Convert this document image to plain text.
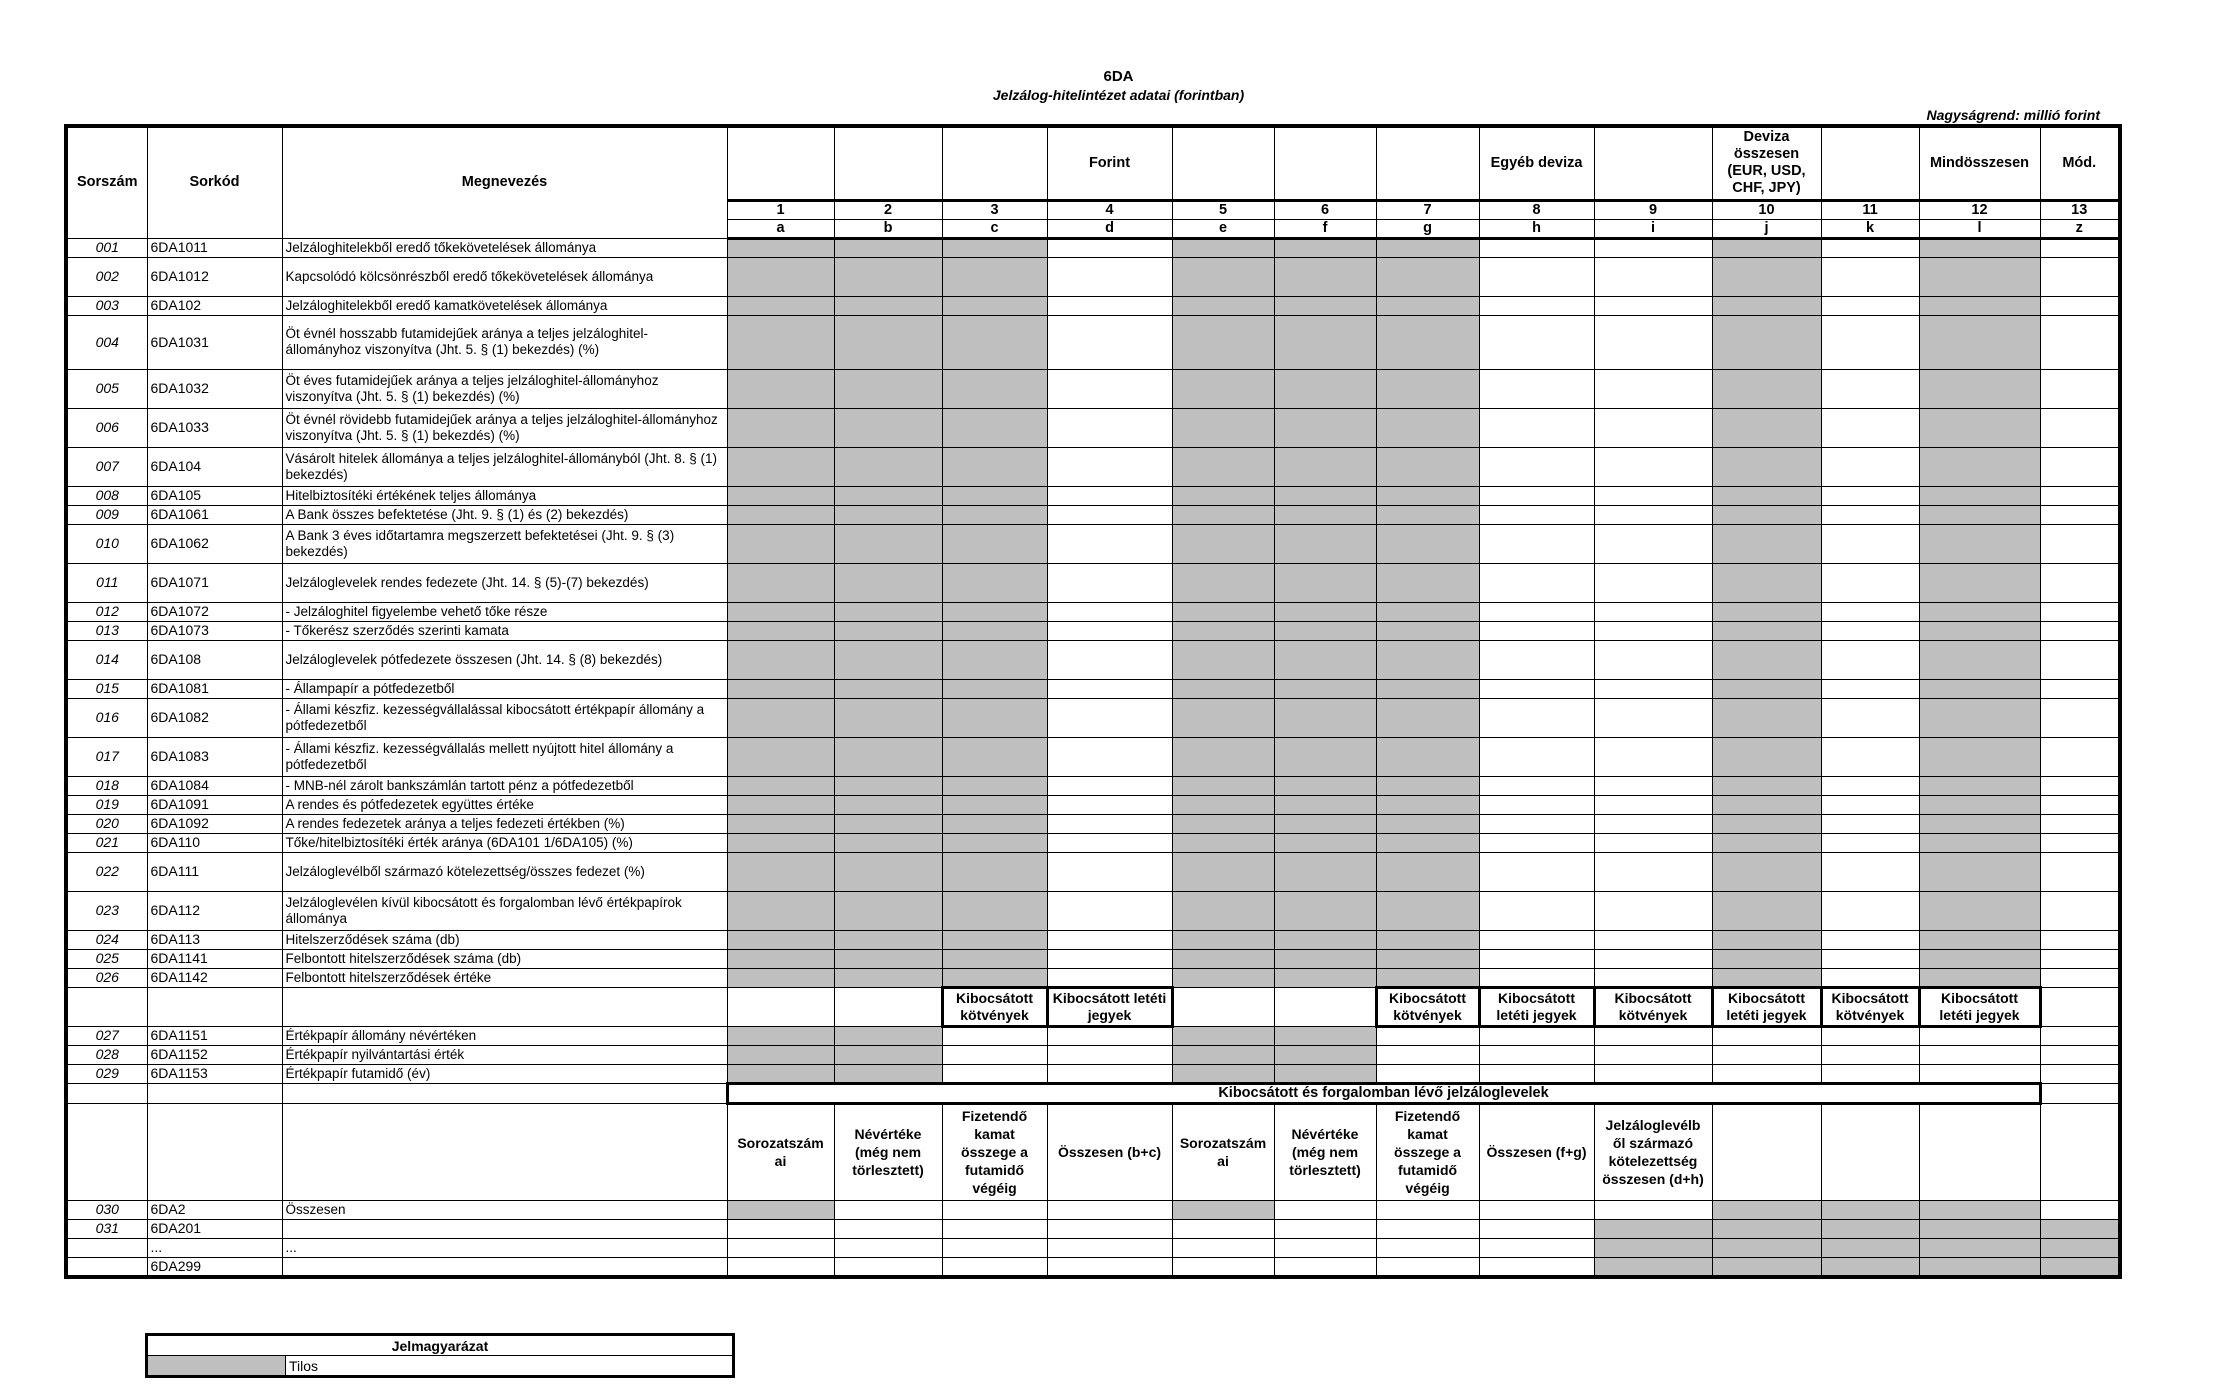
6DA
Jelzálog-hitelintézet adatai (forintban)
Nagyságrend: millió forint
Sorszám	Sorkód	Megnevezés				Forint				Egyéb deviza		Deviza összesen (EUR, USD, CHF, JPY)		Mindösszesen	Mód.
			1	2	3	4	5	6	7	8	9	10	11	12	13
			a	b	c	d	e	f	g	h	i	j	k	l	z
001	6DA1011	Jelzáloghitelekből eredő tőkekövetelések állománya													
002	6DA1012	Kapcsolódó kölcsönrészből eredő tőkekövetelések állománya													
003	6DA102	Jelzáloghitelekből eredő kamatkövetelések állománya													
004	6DA1031	Öt évnél hosszabb futamidejűek aránya a teljes jelzáloghitel-állományhoz viszonyítva (Jht. 5. § (1) bekezdés) (%)													
005	6DA1032	Öt éves futamidejűek aránya a teljes jelzáloghitel-állományhoz viszonyítva (Jht. 5. § (1) bekezdés) (%)													
006	6DA1033	Öt évnél rövidebb futamidejűek aránya a teljes jelzáloghitel-állományhoz viszonyítva (Jht. 5. § (1) bekezdés) (%)													
007	6DA104	Vásárolt hitelek állománya a teljes jelzáloghitel-állományból (Jht. 8. § (1) bekezdés)													
008	6DA105	Hitelbiztosítéki értékének teljes állománya													
009	6DA1061	A Bank összes befektetése (Jht. 9. § (1) és (2) bekezdés)													
010	6DA1062	A Bank 3 éves időtartamra megszerzett befektetései (Jht. 9. § (3) bekezdés)													
011	6DA1071	Jelzáloglevelek rendes fedezete (Jht. 14. § (5)-(7) bekezdés)													
012	6DA1072	- Jelzáloghitel figyelembe vehető tőke része													
013	6DA1073	- Tőkerész szerződés szerinti kamata													
014	6DA108	Jelzáloglevelek pótfedezete összesen (Jht. 14. § (8) bekezdés)													
015	6DA1081	- Állampapír a pótfedezetből													
016	6DA1082	- Állami készfiz. kezességvállalással kibocsátott értékpapír állomány a pótfedezetből													
017	6DA1083	- Állami készfiz. kezességvállalás mellett nyújtott hitel állomány a pótfedezetből													
018	6DA1084	- MNB-nél zárolt bankszámlán tartott pénz a pótfedezetből													
019	6DA1091	A rendes és pótfedezetek együttes értéke													
020	6DA1092	A rendes fedezetek aránya a teljes fedezeti értékben (%)													
021	6DA110	Tőke/hitelbiztosítéki érték aránya (6DA101 1/6DA105) (%)													
022	6DA111	Jelzáloglevélből származó kötelezettség/összes fedezet (%)													
023	6DA112	Jelzáloglevélen kívül kibocsátott és forgalomban lévő értékpapírok állománya													
024	6DA113	Hitelszerződések száma (db)													
025	6DA1141	Felbontott hitelszerződések száma (db)													
026	6DA1142	Felbontott hitelszerződések értéke													
					Kibocsátott kötvények	Kibocsátott letéti jegyek			Kibocsátott kötvények	Kibocsátott letéti jegyek	Kibocsátott kötvények	Kibocsátott letéti jegyek	Kibocsátott kötvények	Kibocsátott letéti jegyek	
027	6DA1151	Értékpapír állomány névértéken													
028	6DA1152	Értékpapír nyilvántartási érték													
029	6DA1153	Értékpapír futamidő (év)													
			Kibocsátott és forgalomban lévő jelzáloglevelek												
			Sorozatszám ai	Névértéke (még nem törlesztett)	Fizetendő kamat összege a futamidő végéig	Összesen (b+c)	Sorozatszám ai	Névértéke (még nem törlesztett)	Fizetendő kamat összege a futamidő végéig	Összesen (f+g)	Jelzáloglevélb ől származó kötelezettség összesen (d+h)				
030	6DA2	Összesen													
031	6DA201														
	...	...													
	6DA299														
Jelmagyarázat
	Tilos
